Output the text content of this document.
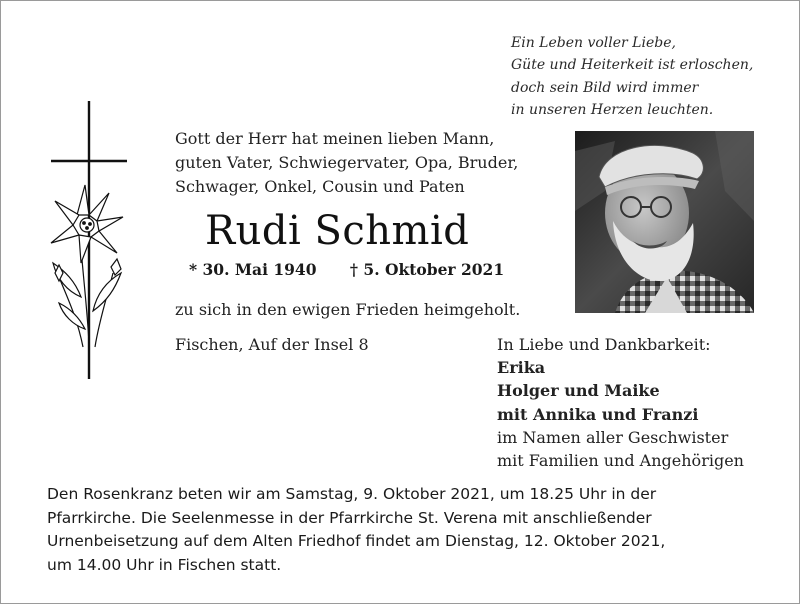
Ein Leben voller Liebe,
Güte und Heiterkeit ist erloschen,
doch sein Bild wird immer
in unseren Herzen leuchten.
Gott der Herr hat meinen lieben Mann,
guten Vater, Schwiegervater, Opa, Bruder,
Schwager, Onkel, Cousin und Paten
Rudi Schmid
* 30. Mai 1940 † 5. Oktober 2021
zu sich in den ewigen Frieden heimgeholt.
Fischen, Auf der Insel 8	In Liebe und Dankbarkeit:
Erika
Holger und Maike
mit Annika und Franzi
im Namen aller Geschwister
mit Familien und Angehörigen
Den Rosenkranz beten wir am Samstag, 9. Oktober 2021, um 18.25 Uhr in der
Pfarrkirche. Die Seelenmesse in der Pfarrkirche St. Verena mit anschließender
Urnenbeisetzung auf dem Alten Friedhof findet am Dienstag, 12. Oktober 2021,
um 14.00 Uhr in Fischen statt.
